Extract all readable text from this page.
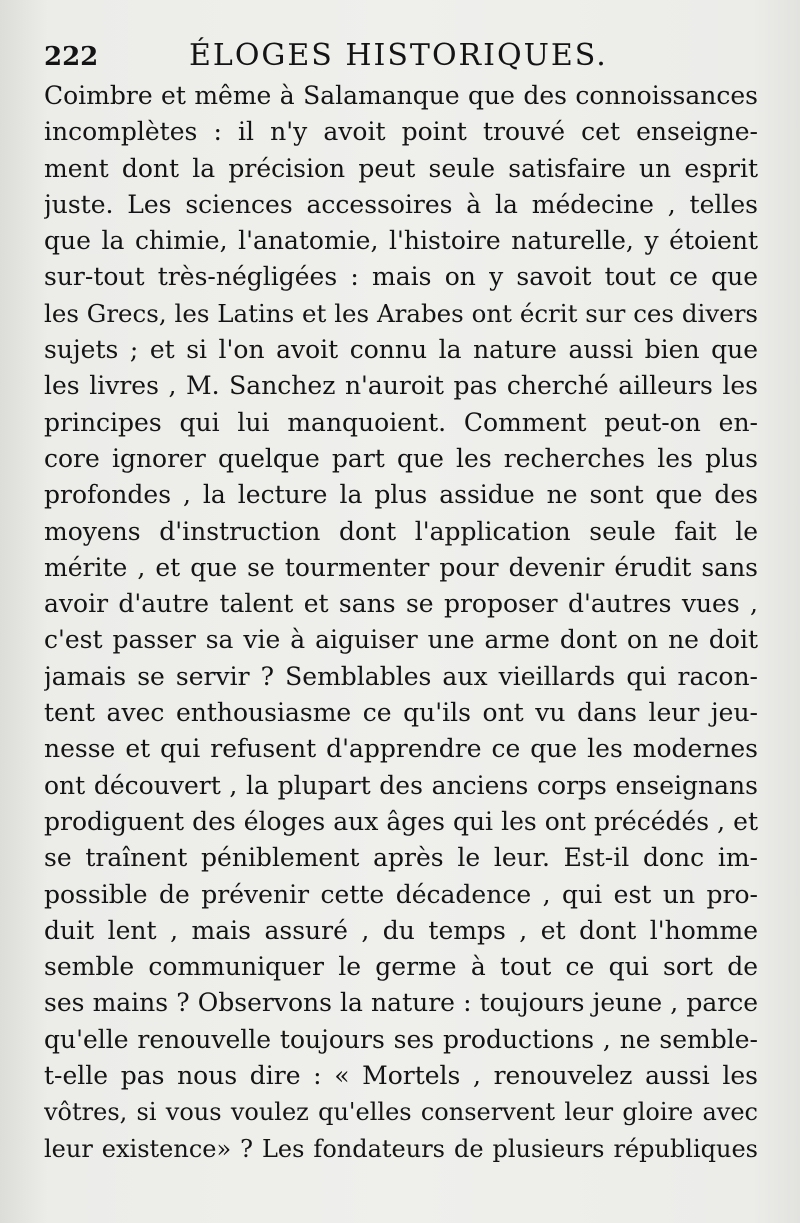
222	ÉLOGES HISTORIQUES.
Coimbre et même à Salamanque que des connoissances
incomplètes : il n'y avoit point trouvé cet enseigne-
ment dont la précision peut seule satisfaire un esprit
juste. Les sciences accessoires à la médecine , telles
que la chimie, l'anatomie, l'histoire naturelle, y étoient
sur-tout très-négligées : mais on y savoit tout ce que
les Grecs, les Latins et les Arabes ont écrit sur ces divers
sujets ; et si l'on avoit connu la nature aussi bien que
les livres , M. Sanchez n'auroit pas cherché ailleurs les
principes qui lui manquoient. Comment peut-on en-
core ignorer quelque part que les recherches les plus
profondes , la lecture la plus assidue ne sont que des
moyens d'instruction dont l'application seule fait le
mérite , et que se tourmenter pour devenir érudit sans
avoir d'autre talent et sans se proposer d'autres vues ,
c'est passer sa vie à aiguiser une arme dont on ne doit
jamais se servir ? Semblables aux vieillards qui racon-
tent avec enthousiasme ce qu'ils ont vu dans leur jeu-
nesse et qui refusent d'apprendre ce que les modernes
ont découvert , la plupart des anciens corps enseignans
prodiguent des éloges aux âges qui les ont précédés , et
se traînent péniblement après le leur. Est-il donc im-
possible de prévenir cette décadence , qui est un pro-
duit lent , mais assuré , du temps , et dont l'homme
semble communiquer le germe à tout ce qui sort de
ses mains ? Observons la nature : toujours jeune , parce
qu'elle renouvelle toujours ses productions , ne semble-
t-elle pas nous dire : « Mortels , renouvelez aussi les
vôtres, si vous voulez qu'elles conservent leur gloire avec
leur existence» ? Les fondateurs de plusieurs républiques
